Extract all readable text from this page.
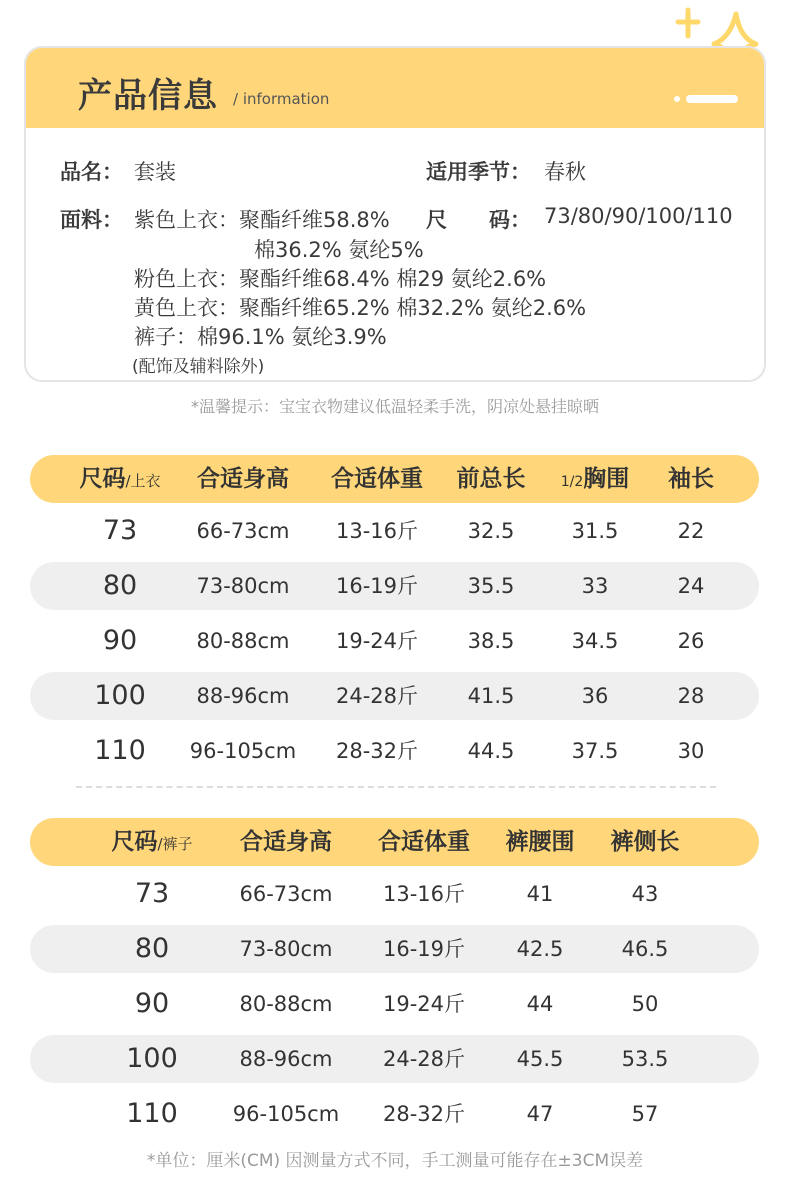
产品信息 / information
品名： 套装	适用季节： 春秋
面料： 紫色上衣：聚酯纤维58.8% 尺　　码： 73/80/90/100/110
棉36.2% 氨纶5%
粉色上衣：聚酯纤维68.4% 棉29 氨纶2.6%
黄色上衣：聚酯纤维65.2% 棉32.2% 氨纶2.6%
裤子：棉96.1% 氨纶3.9%
(配饰及辅料除外)
*温馨提示：宝宝衣物建议低温轻柔手洗，阴凉处悬挂晾晒
尺码/上衣 合适身高 合适体重 前总长	1/2胸围 袖长
73	66-73cm 13-16斤 32.5	31.5	22
80	73-80cm 16-19斤 35.5	33	24
90	80-88cm 19-24斤 38.5	34.5	26
100 88-96cm 24-28斤 41.5	36	28
110 96-105cm 28-32斤 44.5	37.5	30
尺码/裤子 合适身高 合适体重 裤腰围 裤侧长
73	66-73cm 13-16斤	41	43
80	73-80cm 16-19斤 42.5	46.5
90	80-88cm 19-24斤	44	50
100	88-96cm 24-28斤 45.5	53.5
110	96-105cm 28-32斤	47	57
*单位：厘米(CM) 因测量方式不同，手工测量可能存在±3CM误差
